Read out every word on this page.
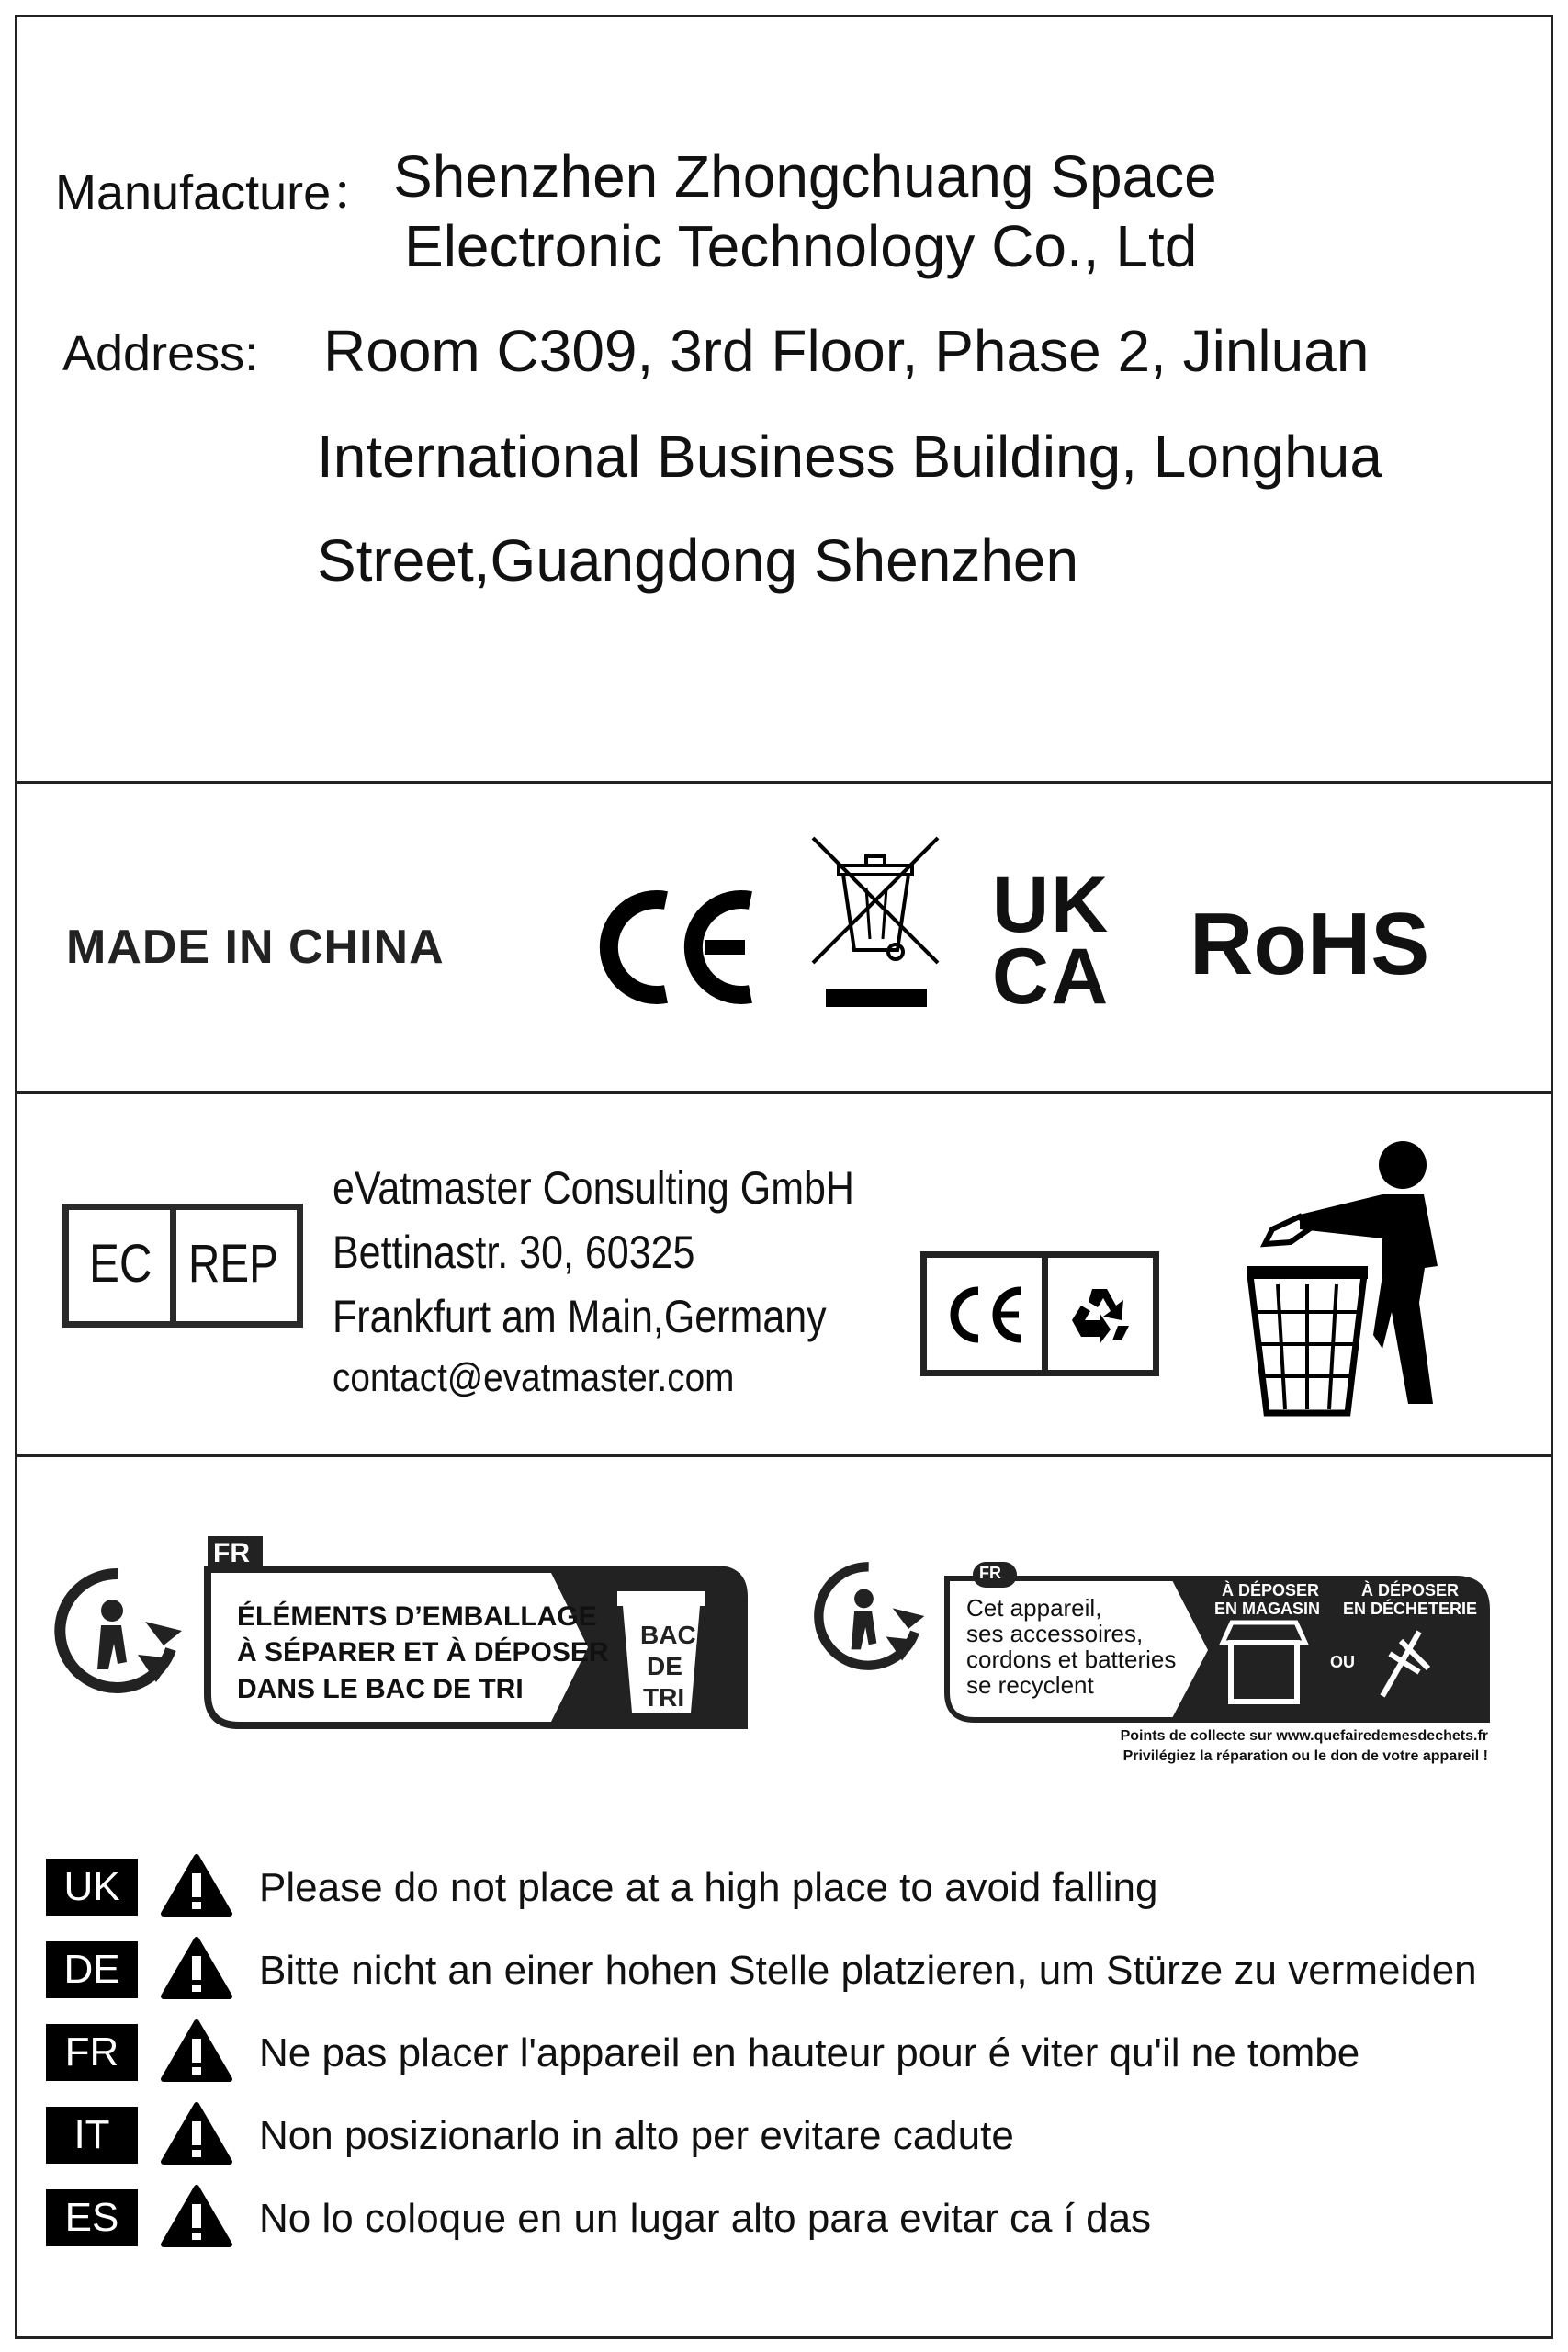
Manufacture： Shenzhen Zhongchuang Space
Electronic Technology Co., Ltd
Address: Room C309, 3rd Floor, Phase 2, Jinluan
International Business Building, Longhua
Street,Guangdong Shenzhen
MADE IN CHINA	UK
CA RoHS
EC REP
eVatmaster Consulting GmbH
Bettinastr. 30, 60325
Frankfurt am Main,Germany
contact@evatmaster.com
FR
ÉLÉMENTS D’EMBALLAGE
À SÉPARER ET À DÉPOSER
DANS LE BAC DE TRI
BAC
DE
TRI
FR
Cet appareil,
ses accessoires,
cordons et batteries
se recyclent
À DÉPOSER
EN MAGASIN
À DÉPOSER
EN DÉCHETERIE
OU
Points de collecte sur www.quefairedemesdechets.fr
Privilégiez la réparation ou le don de votre appareil !
UK	Please do not place at a high place to avoid falling
DE	Bitte nicht an einer hohen Stelle platzieren, um Stürze zu vermeiden
FR	Ne pas placer l'appareil en hauteur pour é viter qu'il ne tombe
IT	Non posizionarlo in alto per evitare cadute
ES	No lo coloque en un lugar alto para evitar ca í das
